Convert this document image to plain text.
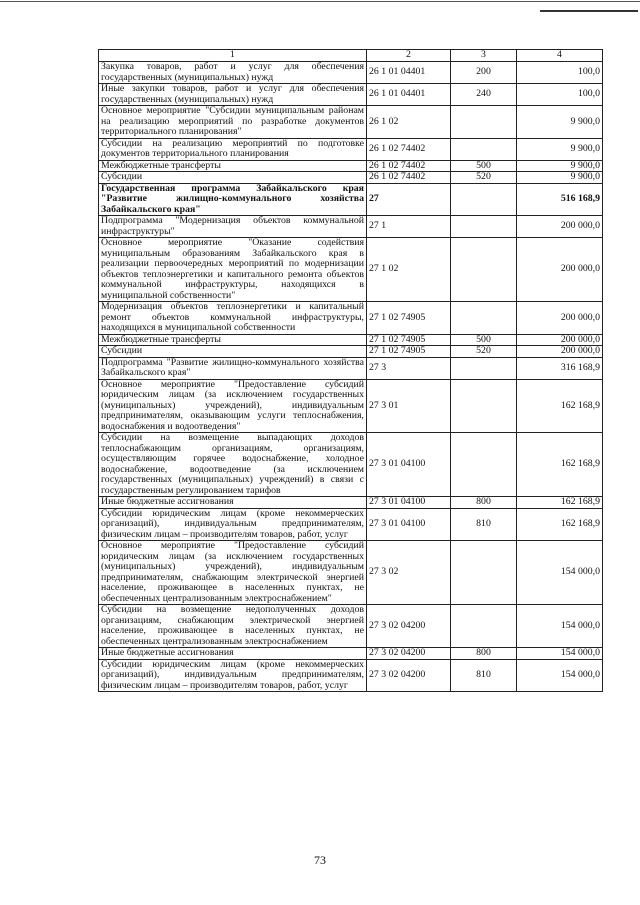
1	2	3	4
Закупка товаров, работ и услуг для обеспечения государственных (муниципальных) нужд	26 1 01 04401	200	100,0
Иные закупки товаров, работ и услуг для обеспечения государственных (муниципальных) нужд	26 1 01 04401	240	100,0
Основное мероприятие "Субсидии муниципальным районам на реализацию мероприятий по разработке документов территориального планирования"	26 1 02		9 900,0
Субсидии на реализацию мероприятий по подготовке документов территориального планирования	26 1 02 74402		9 900,0
Межбюджетные трансферты	26 1 02 74402	500	9 900,0
Субсидии	26 1 02 74402	520	9 900,0
Государственная программа Забайкальского края "Развитие жилищно-коммунального хозяйства Забайкальского края"	27		516 168,9
Подпрограмма "Модернизация объектов коммунальной инфраструктуры"	27 1		200 000,0
Основное мероприятие "Оказание содействия муниципальным образованиям Забайкальского края в реализации первоочередных мероприятий по модернизации объектов теплоэнергетики и капитального ремонта объектов коммунальной инфраструктуры, находящихся в муниципальной собственности"	27 1 02		200 000,0
Модернизация объектов теплоэнергетики и капитальный ремонт объектов коммунальной инфраструктуры, находящихся в муниципальной собственности	27 1 02 74905		200 000,0
Межбюджетные трансферты	27 1 02 74905	500	200 000,0
Субсидии	27 1 02 74905	520	200 000,0
Подпрограмма "Развитие жилищно-коммунального хозяйства Забайкальского края"	27 3		316 168,9
Основное мероприятие "Предоставление субсидий юридическим лицам (за исключением государственных (муниципальных) учреждений), индивидуальным предпринимателям, оказывающим услуги теплоснабжения, водоснабжения и водоотведения"	27 3 01		162 168,9
Субсидии на возмещение выпадающих доходов теплоснабжающим организациям, организациям, осуществляющим горячее водоснабжение, холодное водоснабжение, водоотведение (за исключением государственных (муниципальных) учреждений) в связи с государственным регулированием тарифов	27 3 01 04100		162 168,9
Иные бюджетные ассигнования	27 3 01 04100	800	162 168,9
Субсидии юридическим лицам (кроме некоммерческих организаций), индивидуальным предпринимателям, физическим лицам – производителям товаров, работ, услуг	27 3 01 04100	810	162 168,9
Основное мероприятие "Предоставление субсидий юридическим лицам (за исключением государственных (муниципальных) учреждений), индивидуальным предпринимателям, снабжающим электрической энергией население, проживающее в населенных пунктах, не обеспеченных централизованным электроснабжением"	27 3 02		154 000,0
Субсидии на возмещение недополученных доходов организациям, снабжающим электрической энергией население, проживающее в населенных пунктах, не обеспеченных централизованным электроснабжением	27 3 02 04200		154 000,0
Иные бюджетные ассигнования	27 3 02 04200	800	154 000,0
Субсидии юридическим лицам (кроме некоммерческих организаций), индивидуальным предпринимателям, физическим лицам – производителям товаров, работ, услуг	27 3 02 04200	810	154 000,0
73
